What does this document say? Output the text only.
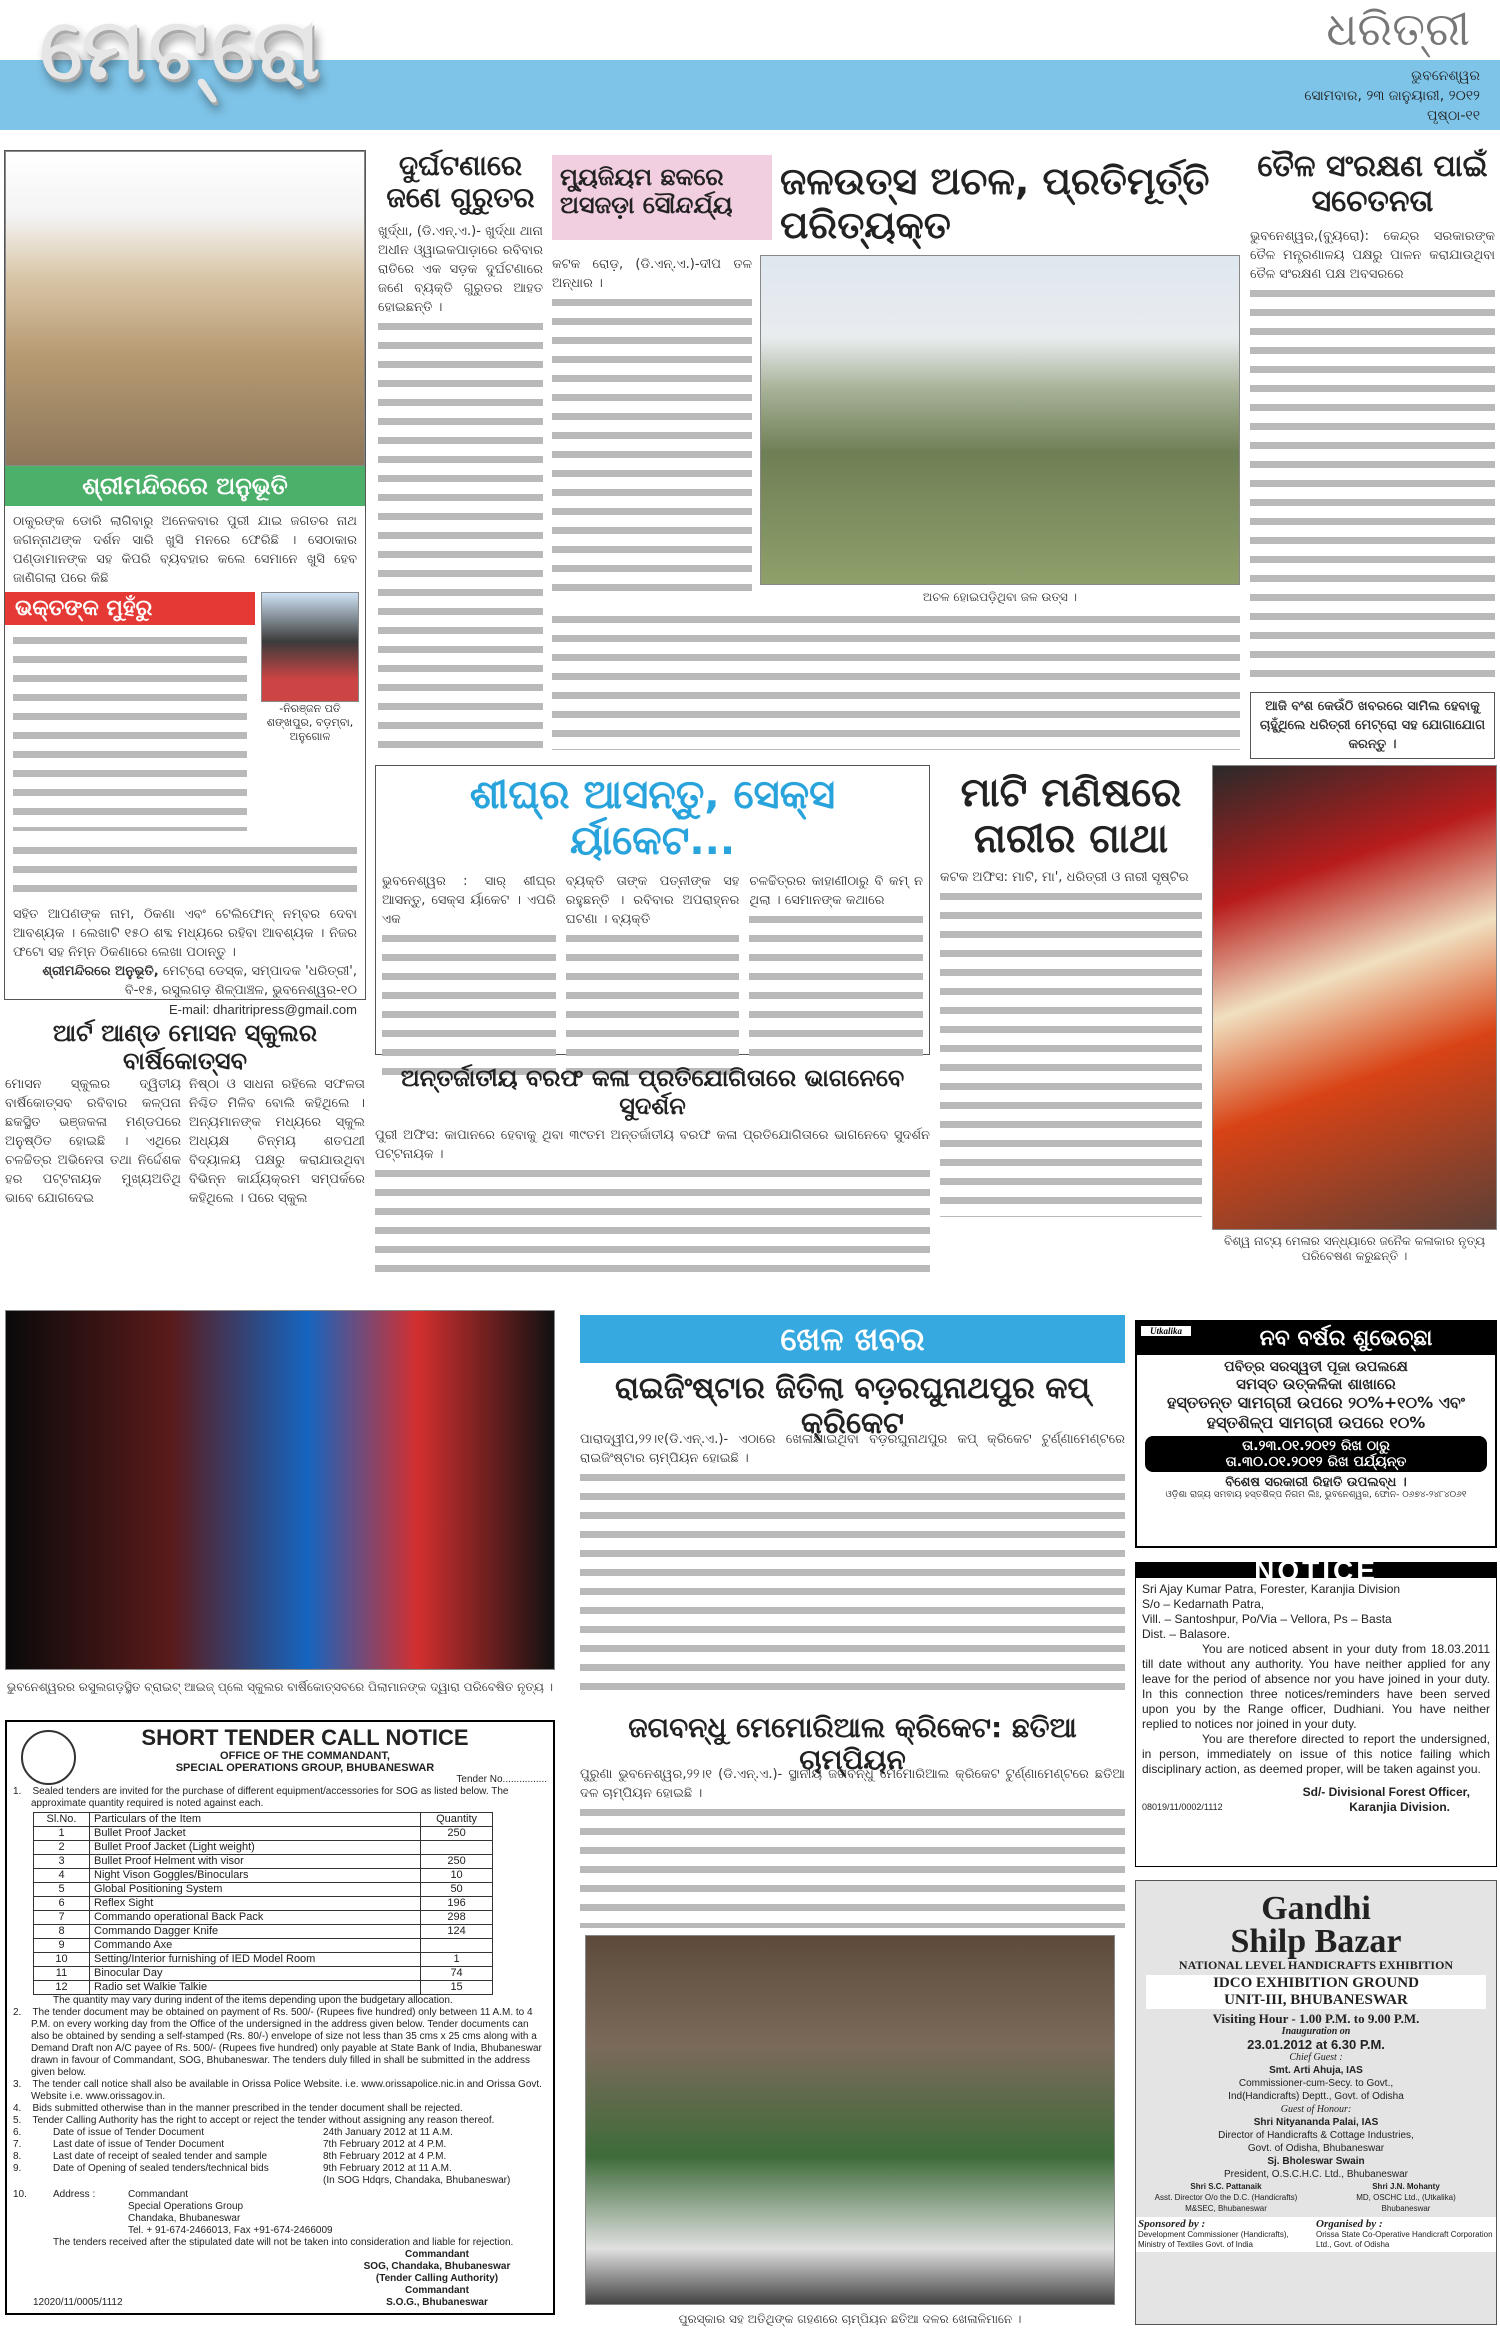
ମେଟ୍ରୋ	ଧରିତ୍ରୀ
ଭୁବନେଶ୍ୱର
ସୋମବାର, ୨୩ ଜାନୁୟାରୀ, ୨୦୧୨
ପୃଷ୍ଠା-୧୧
ଶ୍ରୀମନ୍ଦିରରେ ଅନୁଭୂତି
ଠାକୁରଙ୍କ ଡୋରି ଲାଗିବାରୁ ଅନେକବାର ପୁରୀ ଯାଇ ଜଗତର ନାଥ ଜଗନ୍ନାଥଙ୍କ ଦର୍ଶନ ସାରି ଖୁସି ମନରେ ଫେରିଛି । ସେଠାକାର ପଣ୍ଡାମାନଙ୍କ ସହ କିପରି ବ୍ୟବହାର କଲେ ସେମାନେ ଖୁସି ହେବ ଜାଣିଗଲା ପରେ କିଛି
ଭକ୍ତଙ୍କ ମୁହଁରୁ
-ନିରଞ୍ଜନ ପତି
ଶଙ୍ଖପୁର, ବଡ଼ମ୍ବା, ଅନୁଗୋଳ
ସହିତ ଆପଣଙ୍କ ନାମ, ଠିକଣା ଏବଂ ଟେଲିଫୋନ୍ ନମ୍ବର ଦେବା ଆବଶ୍ୟକ । ଲେଖାଟି ୧୫୦ ଶବ୍ଦ ମଧ୍ୟରେ ରହିବା ଆବଶ୍ୟକ । ନିଜର ଫଟୋ ସହ ନିମ୍ନ ଠିକଣାରେ ଲେଖା ପଠାନ୍ତୁ ।
ଶ୍ରୀମନ୍ଦିରରେ ଅନୁଭୂତି, ମେଟ୍ରୋ ଡେସ୍କ, ସମ୍ପାଦକ 'ଧରିତ୍ରୀ',
ବି-୧୫, ରସୁଲଗଡ଼ ଶିଳ୍ପାଞ୍ଚଳ, ଭୁବନେଶ୍ୱର-୧୦
E-mail: dharitripress@gmail.com
ଦୁର୍ଘଟଣାରେ ଜଣେ ଗୁରୁତର
ଖୁର୍ଦ୍ଧା, (ଡି.ଏନ୍.ଏ.)- ଖୁର୍ଦ୍ଧା ଥାନା ଅଧୀନ ଓ୍ୱାଇକପାଡ଼ାରେ ରବିବାର ରାତିରେ ଏକ ସଡ଼କ ଦୁର୍ଘଟଣାରେ ଜଣେ ବ୍ୟକ୍ତି ଗୁରୁତର ଆହତ ହୋଇଛନ୍ତି ।
ମ୍ୟୁଜିୟମ ଛକରେ ଅସଜଡ଼ା ସୌନ୍ଦର୍ଯ୍ୟ
ଜଳଉତ୍ସ ଅଚଳ, ପ୍ରତିମୂର୍ତ୍ତି ପରିତ୍ୟକ୍ତ
କଟକ ରୋଡ଼, (ଡି.ଏନ୍.ଏ.)-ଦୀପ ତଳ ଅନ୍ଧାର ।
ଅଚଳ ହୋଇପଡ଼ିଥିବା ଜଳ ଉତ୍ସ ।
ତୈଳ ସଂରକ୍ଷଣ ପାଇଁ ସଚେତନତା
ଭୁବନେଶ୍ୱର,(ବ୍ୟୁରୋ): କେନ୍ଦ୍ର ସରକାରଙ୍କ ତୈଳ ମନ୍ତ୍ରଣାଳୟ ପକ୍ଷରୁ ପାଳନ କରାଯାଉଥିବା ତୈଳ ସଂରକ୍ଷଣ ପକ୍ଷ ଅବସରରେ
ଆଜି ବଂଶ କେଉଁଠି ଖବରରେ ସାମିଲ ହେବାକୁ ଚାହୁଁଥିଲେ ଧରିତ୍ରୀ ମେଟ୍ରୋ ସହ ଯୋଗାଯୋଗ କରନ୍ତୁ ।
ଶୀଘ୍ର ଆସନ୍ତୁ, ସେକ୍ସ ର୍ୟାକେଟ...
ଭୁବନେଶ୍ୱର : ସାର୍ ଶୀଘ୍ର ଆସନ୍ତୁ, ସେକ୍ସ ର୍ୟାକେଟ । ଏପରି ଏକ
ବ୍ୟକ୍ତି ତାଙ୍କ ପତ୍ନୀଙ୍କ ସହ ରହୁଛନ୍ତି । ରବିବାର ଅପରାହ୍ନର ଘଟଣା । ବ୍ୟକ୍ତି
ଚଳଚ୍ଚିତ୍ରର କାହାଣୀଠାରୁ ବି କମ୍ ନ ଥିଲା । ସେମାନଙ୍କ କଥାରେ
ମାଟି ମଣିଷରେ ନାରୀର ଗାଥା
କଟକ ଅଫିସ: ମାଟି, ମା', ଧରିତ୍ରୀ ଓ ନାରୀ ସୃଷ୍ଟିର
ବିଶ୍ୱ ନାଟ୍ୟ ମେଳାର ସନ୍ଧ୍ୟାରେ ଜନୈକ କଳାକାର ନୃତ୍ୟ ପରିବେଷଣ କରୁଛନ୍ତି ।
ଆର୍ଟ ଆଣ୍ଡ ମୋସନ ସ୍କୁଲର ବାର୍ଷିକୋତ୍ସବ
ମୋସନ ସ୍କୁଲର ଦ୍ୱିତୀୟ ବାର୍ଷିକୋତ୍ସବ ରବିବାର କଳ୍ପନା ଛକସ୍ଥିତ ଭଞ୍ଜକଳା ମଣ୍ଡପରେ ଅନୁଷ୍ଠିତ ହୋଇଛି । ଏଥିରେ ଚଳଚ୍ଚିତ୍ର ଅଭିନେତା ତଥା ନିର୍ଦ୍ଦେଶକ ହର ପଟ୍ଟନାୟକ ମୁଖ୍ୟଅତିଥି ଭାବେ ଯୋଗଦେଇ
ନିଷ୍ଠା ଓ ସାଧନା ରହିଲେ ସଫଳତା ନିଶ୍ଚିତ ମିଳିବ ବୋଲି କହିଥିଲେ । ଅନ୍ୟମାନଙ୍କ ମଧ୍ୟରେ ସ୍କୁଲ ଅଧ୍ୟକ୍ଷ ଚିନ୍ମୟ ଶତପଥୀ ବିଦ୍ୟାଳୟ ପକ୍ଷରୁ କରାଯାଉଥିବା ବିଭିନ୍ନ କାର୍ଯ୍ୟକ୍ରମ ସମ୍ପର୍କରେ କହିଥିଲେ । ପରେ ସ୍କୁଲ
ଭୁବନେଶ୍ୱରର ରସୁଲଗଡ଼ସ୍ଥିତ ବ୍ରାଇଟ୍ ଆଇଜ୍ ପ୍ଲେ ସ୍କୁଲର ବାର୍ଷିକୋତ୍ସବରେ ପିଲାମାନଙ୍କ ଦ୍ୱାରା ପରିବେଷିତ ନୃତ୍ୟ ।
ଅନ୍ତର୍ଜାତୀୟ ବରଫ କଳା ପ୍ରତିଯୋଗିତାରେ ଭାଗନେବେ ସୁଦର୍ଶନ
ପୁରୀ ଅଫିସ: କାପାନରେ ହେବାକୁ ଥିବା ୩୯ତମ ଅନ୍ତର୍ଜାତୀୟ ବରଫ କଳା ପ୍ରତିଯୋଗିତାରେ ଭାଗନେବେ ସୁଦର୍ଶନ ପଟ୍ଟନାୟକ ।
ଖେଳ ଖବର
ରାଇଜିଂଷ୍ଟାର ଜିତିଲା ବଡ଼ରଘୁନାଥପୁର କପ୍ କ୍ରିକେଟ
ପାରାଦ୍ୱୀପ,୨୨।୧(ଡି.ଏନ୍.ଏ.)- ଏଠାରେ ଖେଳାଯାଇଥିବା ବଡ଼ରଘୁନାଥପୁର କପ୍ କ୍ରିକେଟ ଟୁର୍ଣ୍ଣାମେଣ୍ଟରେ ରାଇଜିଂଷ୍ଟାର ଚାମ୍ପିୟନ ହୋଇଛି ।
ଜଗବନ୍ଧୁ ମେମୋରିଆଲ କ୍ରିକେଟ: ଛତିଆ ଚାମ୍ପିୟନ
ପୁରୁଣା ଭୁବନେଶ୍ୱର,୨୨।୧ (ଡି.ଏନ୍.ଏ.)- ସ୍ଥାନୀୟ ଜଗବନ୍ଧୁ ମେମୋରିଆଲ କ୍ରିକେଟ ଟୁର୍ଣ୍ଣାମେଣ୍ଟରେ ଛତିଆ ଦଳ ଚାମ୍ପିୟନ ହୋଇଛି ।
ପୁରସ୍କାର ସହ ଅତିଥିଙ୍କ ଗହଣରେ ଚାମ୍ପିୟନ ଛତିଆ ଦଳର ଖେଳାଳିମାନେ ।
ନବ ବର୍ଷର ଶୁଭେଚ୍ଛା
Utkalika
ପବିତ୍ର ସରସ୍ୱତୀ ପୂଜା ଉପଲକ୍ଷେ
ସମସ୍ତ ଉତ୍କଳିକା ଶାଖାରେ
ହସ୍ତତନ୍ତ ସାମଗ୍ରୀ ଉପରେ ୨୦%+୧୦% ଏବଂ
ହସ୍ତଶିଳ୍ପ ସାମଗ୍ରୀ ଉପରେ ୧୦%
ତା.୨୩.୦୧.୨୦୧୨ ରିଖ ଠାରୁ
ତା.୩୦.୦୧.୨୦୧୨ ରିଖ ପର୍ଯ୍ୟନ୍ତ
ବିଶେଷ ସରକାରୀ ରିହାତି ଉପଲବ୍ଧ ।
ଓଡ଼ିଶା ରାଜ୍ୟ ସମବାୟ ହସ୍ତଶିଳ୍ପ ନିଗମ ଲିଃ, ଭୁବନେଶ୍ୱର, ଫୋନ- ୦୬୭୪-୨୪୮୪୦୬୧
NOTICE
Sri Ajay Kumar Patra, Forester, Karanjia Division
S/o – Kedarnath Patra,
Vill. – Santoshpur, Po/Via – Vellora, Ps – Basta
Dist. – Balasore.

You are noticed absent in your duty from 18.03.2011 till date without any authority. You have neither applied for any leave for the period of absence nor you have joined in your duty. In this connection three notices/reminders have been served upon you by the Range officer, Dudhiani. You have neither replied to notices nor joined in your duty.

You are therefore directed to report the undersigned, in person, immediately on issue of this notice failing which disciplinary action, as deemed proper, will be taken against you.

Sd/- Divisional Forest Officer,
08019/11/0002/1112	Karanjia Division.
Gandhi
Shilp Bazar
NATIONAL LEVEL HANDICRAFTS EXHIBITION
IDCO EXHIBITION GROUND
UNIT-III, BHUBANESWAR
Visiting Hour - 1.00 P.M. to 9.00 P.M.
Inauguration on
23.01.2012 at 6.30 P.M.
Chief Guest :
Smt. Arti Ahuja, IAS
Commissioner-cum-Secy. to Govt.,
Ind(Handicrafts) Deptt., Govt. of Odisha
Guest of Honour:
Shri Nityananda Palai, IAS
Director of Handicrafts & Cottage Industries,
Govt. of Odisha, Bhubaneswar
Sj. Bholeswar Swain
President, O.S.C.H.C. Ltd., Bhubaneswar
Shri S.C. Pattanaik
Asst. Director O/o the D.C. (Handicrafts)
M&SEC, Bhubaneswar
Shri J.N. Mohanty
MD, OSCHC Ltd., (Utkalika)
Bhubaneswar
Sponsored by :
Development Commissioner (Handicrafts), Ministry of Textiles Govt. of India
Organised by :
Orissa State Co-Operative Handicraft Corporation Ltd., Govt. of Odisha
SHORT TENDER CALL NOTICE
OFFICE OF THE COMMANDANT,
SPECIAL OPERATIONS GROUP, BHUBANESWAR
Tender No................
1.    Sealed tenders are invited for the purchase of different equipment/accessories for SOG as listed below. The approximate quantity required is noted against each.
Sl.No.	Particulars of the Item	Quantity
1	Bullet Proof Jacket	250
2	Bullet Proof Jacket (Light weight)	
3	Bullet Proof Helment with visor	250
4	Night Vison Goggles/Binoculars	10
5	Global Positioning System	50
6	Reflex Sight	196
7	Commando operational Back Pack	298
8	Commando Dagger Knife	124
9	Commando Axe	
10	Setting/Interior furnishing of IED Model Room	1
11	Binocular Day	74
12	Radio set Walkie Talkie	15
The quantity may vary during indent of the items depending upon the budgetary allocation.
2.    The tender document may be obtained on payment of Rs. 500/- (Rupees five hundred) only between 11 A.M. to 4 P.M. on every working day from the Office of the undersigned in the address given below. Tender documents can also be obtained by sending a self-stamped (Rs. 80/-) envelope of size not less than 35 cms x 25 cms along with a Demand Draft non A/C payee of Rs. 500/- (Rupees five hundred) only payable at State Bank of India, Bhubaneswar drawn in favour of Commandant, SOG, Bhubaneswar. The tenders duly filled in shall be submitted in the address given below.
3.    The tender call notice shall also be available in Orissa Police Website. i.e. www.orissapolice.nic.in and Orissa Govt. Website i.e. www.orissagov.in.
4.    Bids submitted otherwise than in the manner prescribed in the tender document shall be rejected.
5.    Tender Calling Authority has the right to accept or reject the tender without assigning any reason thereof.
6.	Date of issue of Tender Document	24th January 2012 at 11 A.M.
7.	Last date of issue of Tender Document	7th February 2012 at 4 P.M.
8.	Last date of receipt of sealed tender and sample	8th February 2012 at 4 P.M.
9.	Date of Opening of sealed tenders/technical bids	9th February 2012 at 11 A.M.
(In SOG Hdqrs, Chandaka, Bhubaneswar)
10.	Address :	Commandant
Special Operations Group
Chandaka, Bhubaneswar
Tel. + 91-674-2466013, Fax +91-674-2466009
The tenders received after the stipulated date will not be taken into consideration and liable for rejection.
12020/11/0005/1112
Commandant
SOG, Chandaka, Bhubaneswar
(Tender Calling Authority)
Commandant
S.O.G., Bhubaneswar
